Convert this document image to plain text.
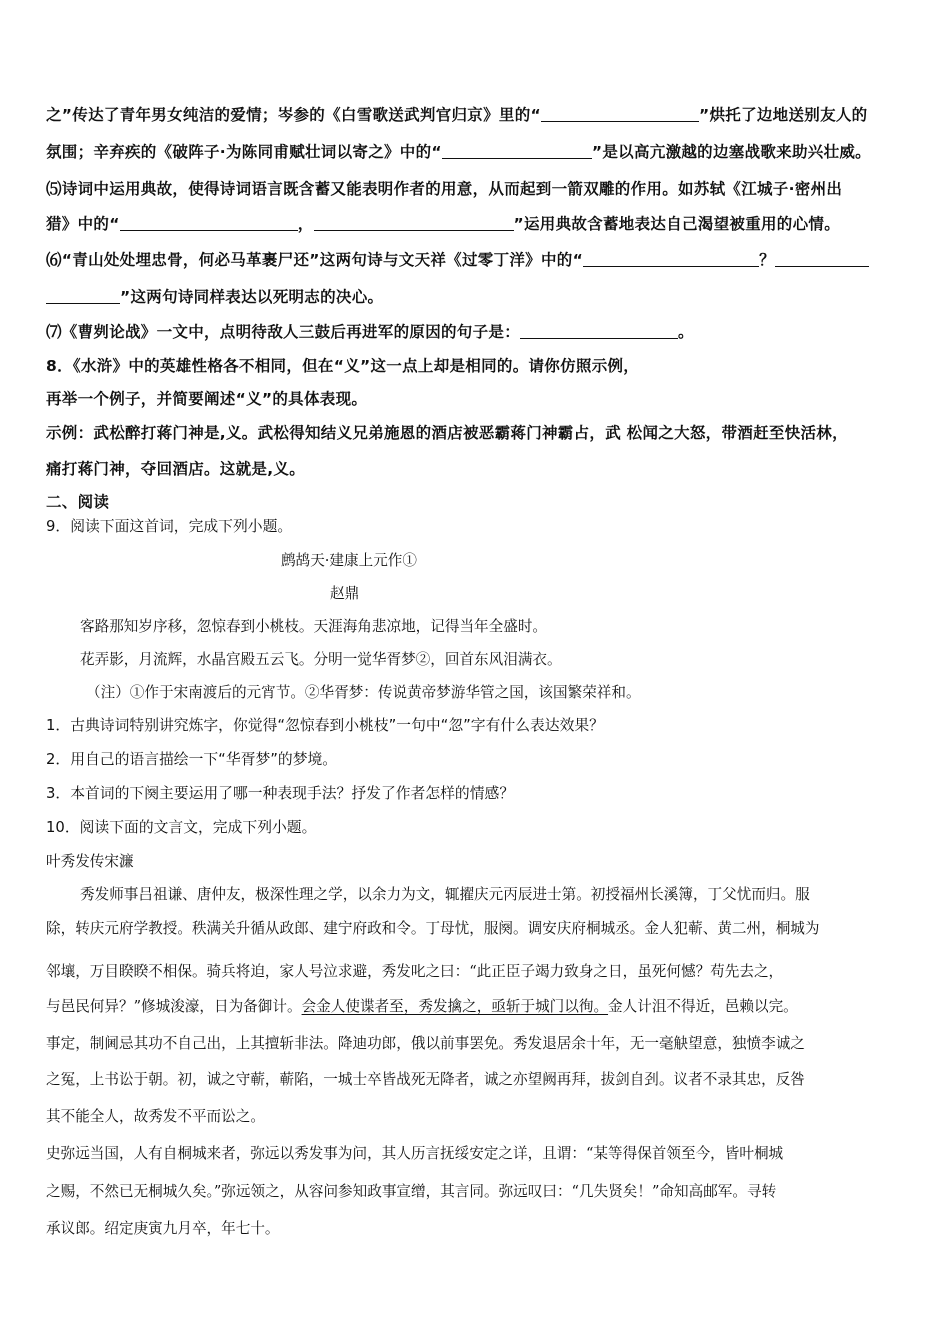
之”传达了青年男女纯洁的爱情；岑参的《白雪歌送武判官归京》里的“	”烘托了边地送别友人的
氛围；辛弃疾的《破阵子·为陈同甫赋壮词以寄之》中的“	”是以高亢激越的边塞战歌来助兴壮威。
⑸诗词中运用典故，使得诗词语言既含蓄又能表明作者的用意，从而起到一箭双雕的作用。如苏轼《江城子·密州出
猎》中的“	，	”运用典故含蓄地表达自己渴望被重用的心情。
⑹“青山处处埋忠骨，何必马革裹尸还”这两句诗与文天祥《过零丁洋》中的“	？
”这两句诗同样表达以死明志的决心。
⑺《曹刿论战》一文中，点明待敌人三鼓后再进军的原因的句子是：	。
8．《水浒》中的英雄性格各不相同，但在“义”这一点上却是相同的。请你仿照示例，
再举一个例子，并简要阐述“义”的具体表现。
示例：武松醉打蒋门神是,义。武松得知结义兄弟施恩的酒店被恶霸蒋门神霸占，武 松闻之大怒，带酒赶至快活林，
痛打蒋门神，夺回酒店。这就是,义。
二、阅读
9．阅读下面这首词，完成下列小题。
鹧鸪天·建康上元作①
赵鼎
客路那知岁序移，忽惊春到小桃枝。天涯海角悲凉地，记得当年全盛时。
花弄影，月流辉，水晶宫殿五云飞。分明一觉华胥梦②，回首东风泪满衣。
（注）①作于宋南渡后的元宵节。②华胥梦：传说黄帝梦游华管之国，该国繁荣祥和。
1．古典诗词特别讲究炼字，你觉得“忽惊春到小桃枝”一句中“忽”字有什么表达效果？
2．用自己的语言描绘一下“华胥梦”的梦境。
3．本首词的下阕主要运用了哪一种表现手法？抒发了作者怎样的情感？
10．阅读下面的文言文，完成下列小题。
叶秀发传宋濂
秀发师事吕祖谦、唐仲友，极深性理之学，以余力为文，辄擢庆元丙辰进士第。初授福州长溪簿，丁父忧而归。服
除，转庆元府学教授。秩满关升循从政郎、建宁府政和令。丁母忧，服阕。调安庆府桐城丞。金人犯蕲、黄二州，桐城为
邻壤，万目睽睽不相保。骑兵将迫，家人号泣求避，秀发叱之曰：“此正臣子竭力致身之日，虽死何憾？苟先去之，
与邑民何异？”修城浚濠，日为备御计。会金人使谍者至，秀发擒之，亟斩于城门以徇。金人计沮不得近，邑赖以完。
事定，制阃忌其功不自己出，上其擅斩非法。降迪功郎，俄以前事罢免。秀发退居余十年，无一毫觖望意，独愤李诚之
之冤，上书讼于朝。初，诚之守蕲，蕲陷，一城士卒皆战死无降者，诚之亦望阙再拜，拔剑自刭。议者不录其忠，反咎
其不能全人，故秀发不平而讼之。
史弥远当国，人有自桐城来者，弥远以秀发事为问，其人历言抚绥安定之详，且谓：“某等得保首领至今，皆叶桐城
之赐，不然已无桐城久矣。”弥远领之，从容问参知政事宣缯，其言同。弥远叹曰：“几失贤矣！”命知高邮军。寻转
承议郎。绍定庚寅九月卒，年七十。
